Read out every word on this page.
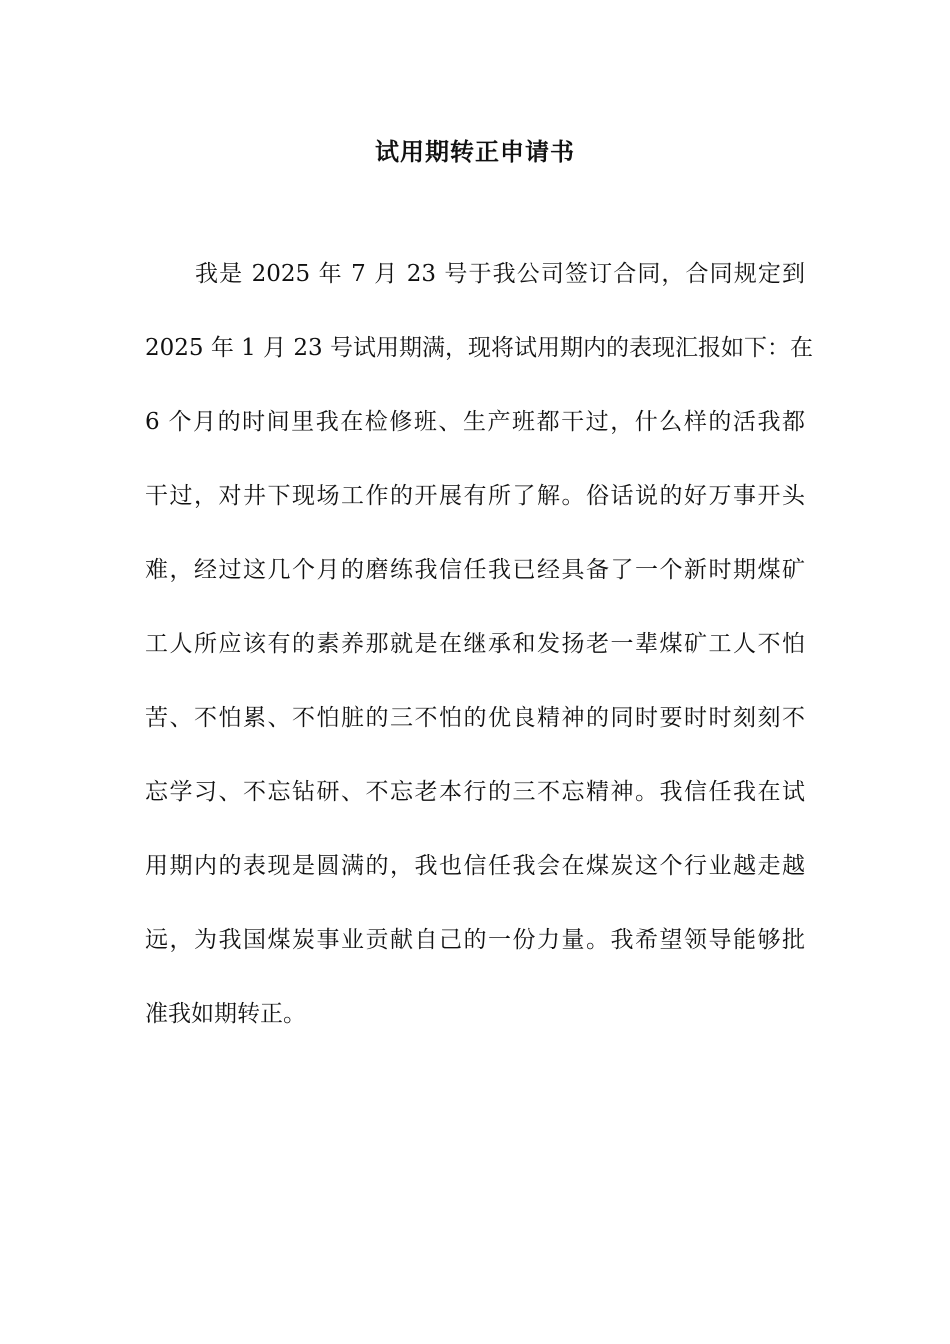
试用期转正申请书
我是 2025 年 7 月 23 号于我公司签订合同，合同规定到
2025 年 1 月 23 号试用期满，现将试用期内的表现汇报如下：在
6 个月的时间里我在检修班、生产班都干过，什么样的活我都
干过，对井下现场工作的开展有所了解。俗话说的好万事开头
难，经过这几个月的磨练我信任我已经具备了一个新时期煤矿
工人所应该有的素养那就是在继承和发扬老一辈煤矿工人不怕
苦、不怕累、不怕脏的三不怕的优良精神的同时要时时刻刻不
忘学习、不忘钻研、不忘老本行的三不忘精神。我信任我在试
用期内的表现是圆满的，我也信任我会在煤炭这个行业越走越
远，为我国煤炭事业贡献自己的一份力量。我希望领导能够批
准我如期转正。
